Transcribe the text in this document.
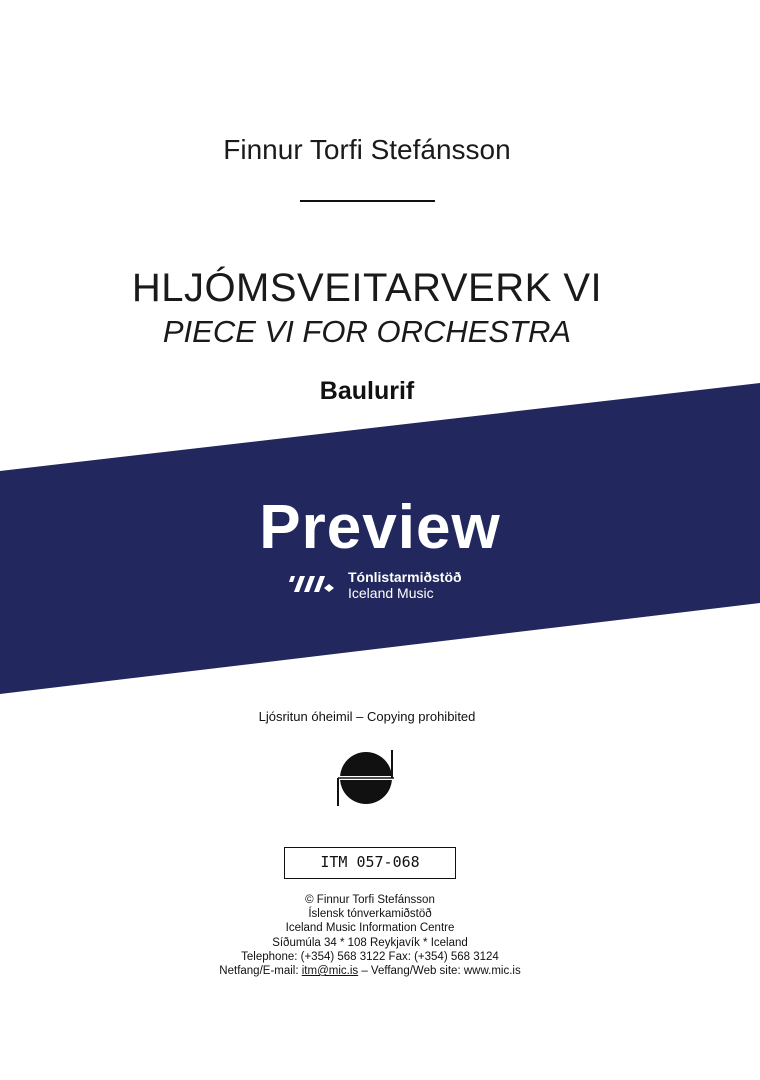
Finnur Torfi Stefánsson
HLJÓMSVEITARVERK VI
PIECE VI FOR ORCHESTRA
Baulurif
Preview
Tónlistarmiðstöð
Iceland Music
Ljósritun óheimil – Copying prohibited
ITM 057-068
© Finnur Torfi Stefánsson
Íslensk tónverkamiðstöð
Iceland Music Information Centre
Síðumúla 34 * 108 Reykjavík * Iceland
Telephone: (+354) 568 3122 Fax: (+354) 568 3124
Netfang/E-mail: itm@mic.is – Veffang/Web site: www.mic.is
